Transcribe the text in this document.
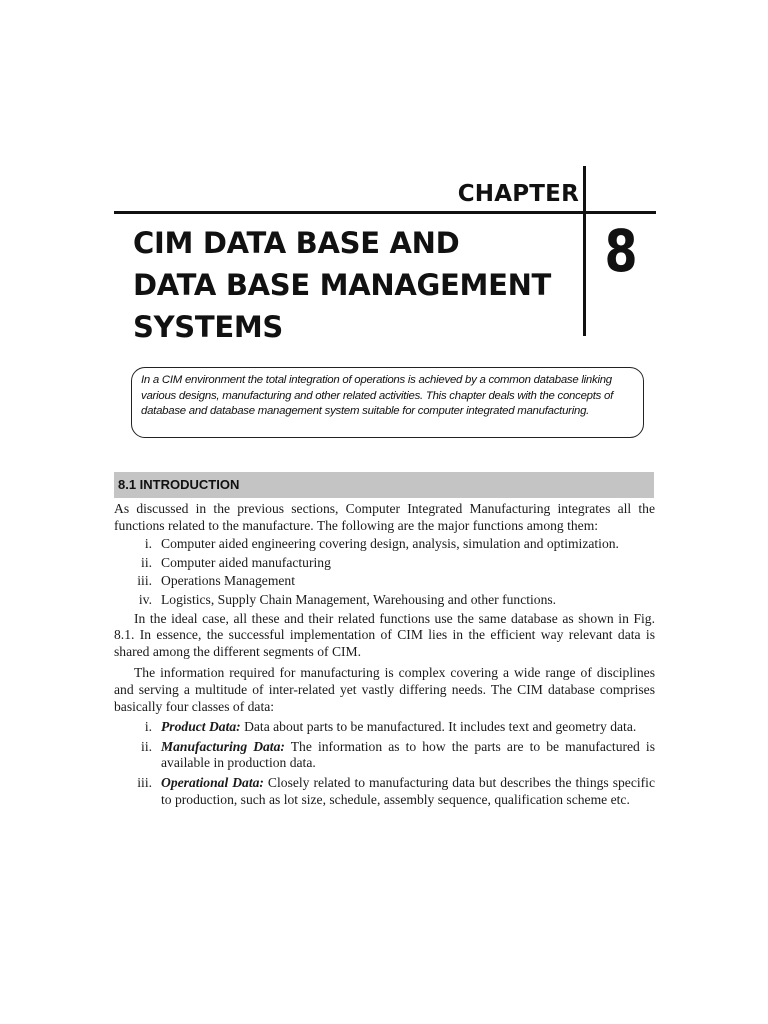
CHAPTER
8
CIM DATA BASE AND
DATA BASE MANAGEMENT
SYSTEMS
In a CIM environment the total integration of operations is achieved by a common database linking various designs, manufacturing and other related activities. This chapter deals with the concepts of database and database management system suitable for computer integrated manufacturing.
8.1 INTRODUCTION

As discussed in the previous sections, Computer Integrated Manufacturing integrates all the functions related to the manufacture. The following are the major functions among them:

i. Computer aided engineering covering design, analysis, simulation and optimization.
ii. Computer aided manufacturing
iii. Operations Management
iv. Logistics, Supply Chain Management, Warehousing and other functions.

In the ideal case, all these and their related functions use the same database as shown in Fig. 8.1. In essence, the successful implementation of CIM lies in the efficient way relevant data is shared among the different segments of CIM.

The information required for manufacturing is complex covering a wide range of disciplines and serving a multitude of inter-related yet vastly differing needs. The CIM database comprises basically four classes of data:

i. Product Data: Data about parts to be manufactured. It includes text and geometry data.
ii. Manufacturing Data: The information as to how the parts are to be manufactured is available in production data.
iii. Operational Data: Closely related to manufacturing data but describes the things specific to production, such as lot size, schedule, assembly sequence, qualification scheme etc.
